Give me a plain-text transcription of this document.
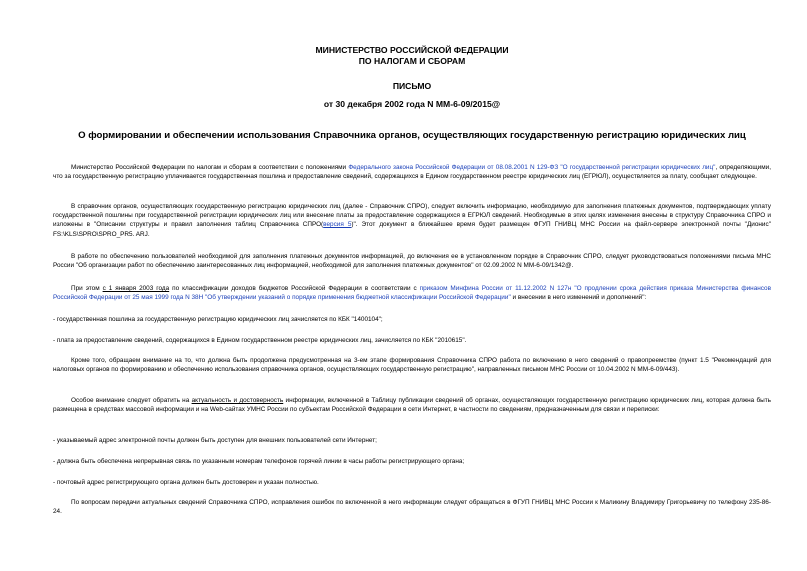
МИНИСТЕРСТВО РОССИЙСКОЙ ФЕДЕРАЦИИ
ПО НАЛОГАМ И СБОРАМ
ПИСЬМО
от 30 декабря 2002 года N ММ-6-09/2015@
О формировании и обеспечении использования Справочника органов, осуществляющих государственную регистрацию юридических лиц
Министерство Российской Федерации по налогам и сборам в соответствии с положениями Федерального закона Российской Федерации от 08.08.2001 N 129-ФЗ "О государственной регистрации юридических лиц", определяющими, что за государственную регистрацию уплачивается государственная пошлина и предоставление сведений, содержащихся в Едином государственном реестре юридических лиц (ЕГРЮЛ), осуществляется за плату, сообщает следующее.
В справочник органов, осуществляющих государственную регистрацию юридических лиц (далее - Справочник СПРО), следует включить информацию, необходимую для заполнения платежных документов, подтверждающих уплату государственной пошлины при государственной регистрации юридических лиц или внесение платы за предоставление содержащихся в ЕГРЮЛ сведений. Необходимые в этих целях изменения внесены в структуру Справочника СПРО и изложены в "Описании структуры и правил заполнения таблиц Справочника СПРО(версия 5)". Этот документ в ближайшее время будет размещен ФГУП ГНИВЦ МНС России на файл-сервере электронной почты "Дионис" FS:\KLS\SPRO\SPRO_PR5. ARJ.
В работе по обеспечению пользователей необходимой для заполнения платежных документов информацией, до включения ее в установленном порядке в Справочник СПРО, следует руководствоваться положениями письма МНС России "Об организации работ по обеспечению заинтересованных лиц информацией, необходимой для заполнения платежных документов" от 02.09.2002 N ММ-6-09/1342@.
При этом с 1 января 2003 года по классификации доходов бюджетов Российской Федерации в соответствии с приказом Минфина России от 11.12.2002 N 127н "О продлении срока действия приказа Министерства финансов Российской Федерации от 25 мая 1999 года N 38Н "Об утверждении указаний о порядке применения бюджетной классификации Российской Федерации" и внесении в него изменений и дополнений":
- государственная пошлина за государственную регистрацию юридических лиц зачисляется по КБК "1400104";
- плата за предоставление сведений, содержащихся в Едином государственном реестре юридических лиц, зачисляется по КБК "2010615".
Кроме того, обращаем внимание на то, что должна быть продолжена предусмотренная на 3-ем этапе формирования Справочника СПРО работа по включению в него сведений о правопреемстве (пункт 1.5 "Рекомендаций для налоговых органов по формированию и обеспечению использования справочника органов, осуществляющих государственную регистрацию", направленных письмом МНС России от 10.04.2002 N ММ-6-09/443).
Особое внимание следует обратить на актуальность и достоверность информации, включенной в Таблицу публикации сведений об органах, осуществляющих государственную регистрацию юридических лиц, которая должна быть размещена в средствах массовой информации и на Web-сайтах УМНС России по субъектам Российской Федерации в сети Интернет, в частности по сведениям, предназначенным для связи и переписки:
- указываемый адрес электронной почты должен быть доступен для внешних пользователей сети Интернет;
- должна быть обеспечена непрерывная связь по указанным номерам телефонов горячей линии в часы работы регистрирующего органа;
- почтовый адрес регистрирующего органа должен быть достоверен и указан полностью.
По вопросам передачи актуальных сведений Справочника СПРО, исправления ошибок по включенной в него информации следует обращаться в ФГУП ГНИВЦ МНС России к Маликину Владимиру Григорьевичу по телефону 235-86-24.
